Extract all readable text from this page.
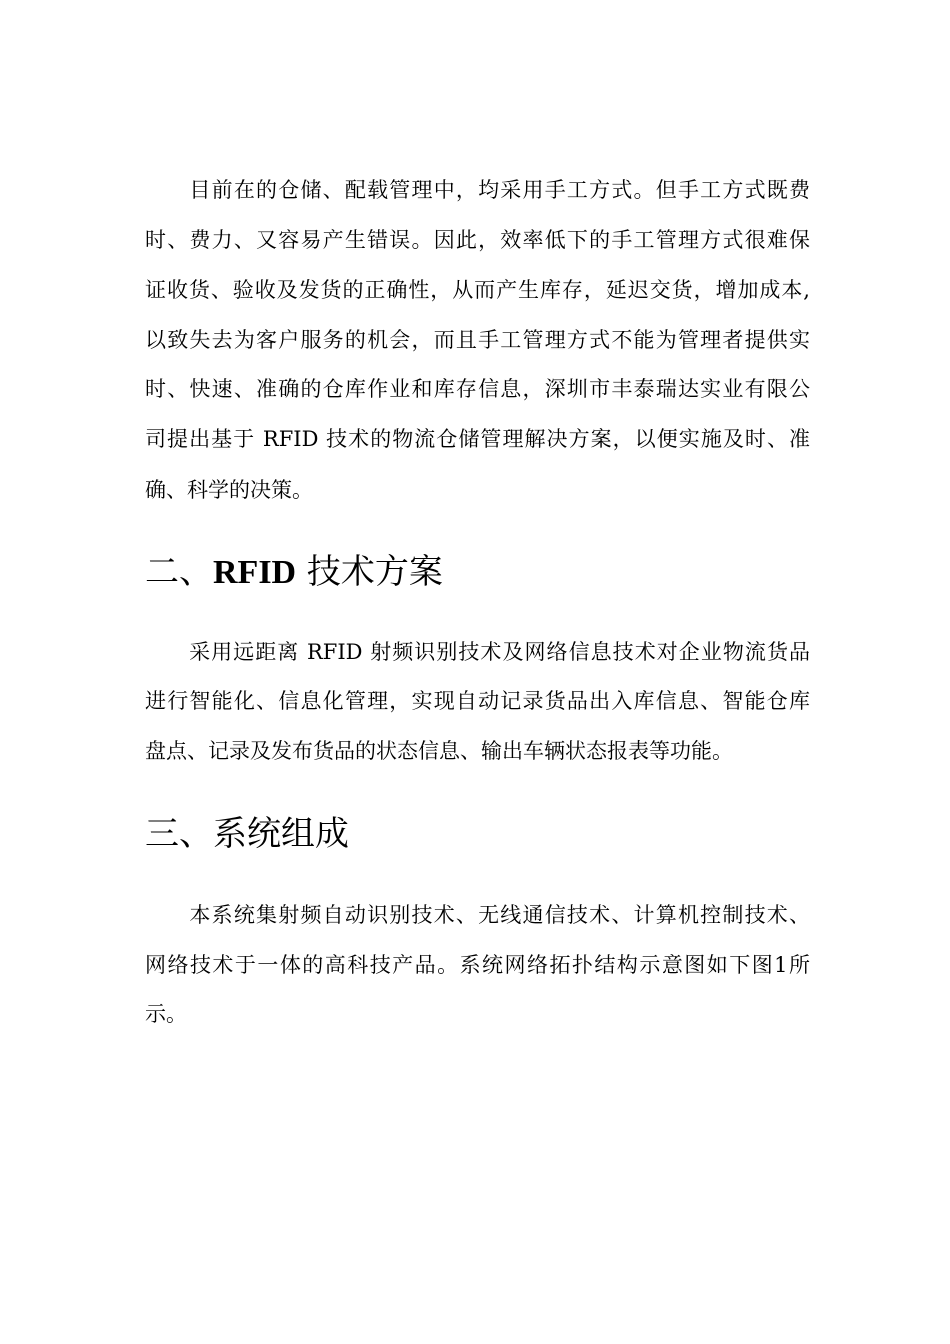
　　目前在的仓储、配载管理中，均采用手工方式。但手工方式既费
时、费力、又容易产生错误。因此，效率低下的手工管理方式很难保
证收货、验收及发货的正确性，从而产生库存，延迟交货，增加成本,
以致失去为客户服务的机会，而且手工管理方式不能为管理者提供实
时、快速、准确的仓库作业和库存信息，深圳市丰泰瑞达实业有限公
司提出基于 RFID 技术的物流仓储管理解决方案，以便实施及时、准
确、科学的决策。
二、RFID 技术方案
　　采用远距离 RFID 射频识别技术及网络信息技术对企业物流货品
进行智能化、信息化管理，实现自动记录货品出入库信息、智能仓库
盘点、记录及发布货品的状态信息、输出车辆状态报表等功能。
三、系统组成
　　本系统集射频自动识别技术、无线通信技术、计算机控制技术、
网络技术于一体的高科技产品。系统网络拓扑结构示意图如下图1所
示。
